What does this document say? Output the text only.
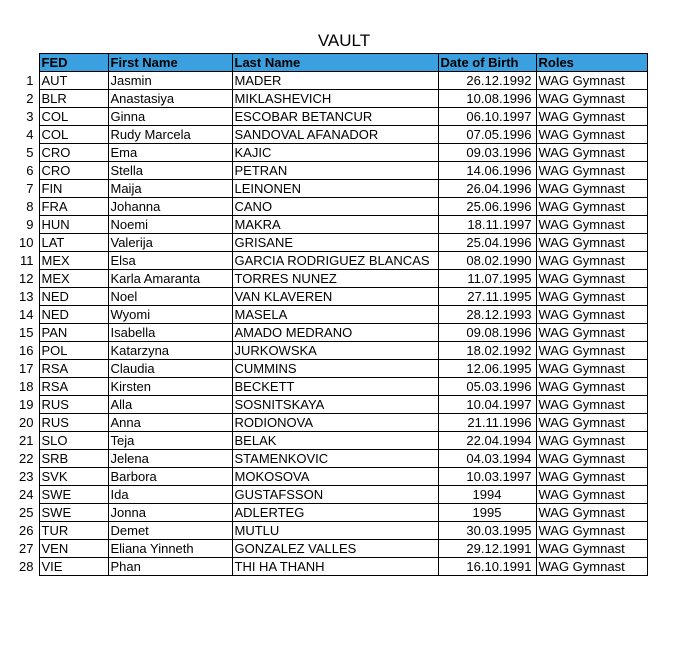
VAULT
	FED	First Name	Last Name	Date of Birth	Roles
1	AUT	Jasmin	MADER	26.12.1992	WAG Gymnast
2	BLR	Anastasiya	MIKLASHEVICH	10.08.1996	WAG Gymnast
3	COL	Ginna	ESCOBAR BETANCUR	06.10.1997	WAG Gymnast
4	COL	Rudy Marcela	SANDOVAL AFANADOR	07.05.1996	WAG Gymnast
5	CRO	Ema	KAJIC	09.03.1996	WAG Gymnast
6	CRO	Stella	PETRAN	14.06.1996	WAG Gymnast
7	FIN	Maija	LEINONEN	26.04.1996	WAG Gymnast
8	FRA	Johanna	CANO	25.06.1996	WAG Gymnast
9	HUN	Noemi	MAKRA	18.11.1997	WAG Gymnast
10	LAT	Valerija	GRISANE	25.04.1996	WAG Gymnast
11	MEX	Elsa	GARCIA RODRIGUEZ BLANCAS	08.02.1990	WAG Gymnast
12	MEX	Karla Amaranta	TORRES NUNEZ	11.07.1995	WAG Gymnast
13	NED	Noel	VAN KLAVEREN	27.11.1995	WAG Gymnast
14	NED	Wyomi	MASELA	28.12.1993	WAG Gymnast
15	PAN	Isabella	AMADO MEDRANO	09.08.1996	WAG Gymnast
16	POL	Katarzyna	JURKOWSKA	18.02.1992	WAG Gymnast
17	RSA	Claudia	CUMMINS	12.06.1995	WAG Gymnast
18	RSA	Kirsten	BECKETT	05.03.1996	WAG Gymnast
19	RUS	Alla	SOSNITSKAYA	10.04.1997	WAG Gymnast
20	RUS	Anna	RODIONOVA	21.11.1996	WAG Gymnast
21	SLO	Teja	BELAK	22.04.1994	WAG Gymnast
22	SRB	Jelena	STAMENKOVIC	04.03.1994	WAG Gymnast
23	SVK	Barbora	MOKOSOVA	10.03.1997	WAG Gymnast
24	SWE	Ida	GUSTAFSSON	1994	WAG Gymnast
25	SWE	Jonna	ADLERTEG	1995	WAG Gymnast
26	TUR	Demet	MUTLU	30.03.1995	WAG Gymnast
27	VEN	Eliana Yinneth	GONZALEZ VALLES	29.12.1991	WAG Gymnast
28	VIE	Phan	THI HA THANH	16.10.1991	WAG Gymnast
